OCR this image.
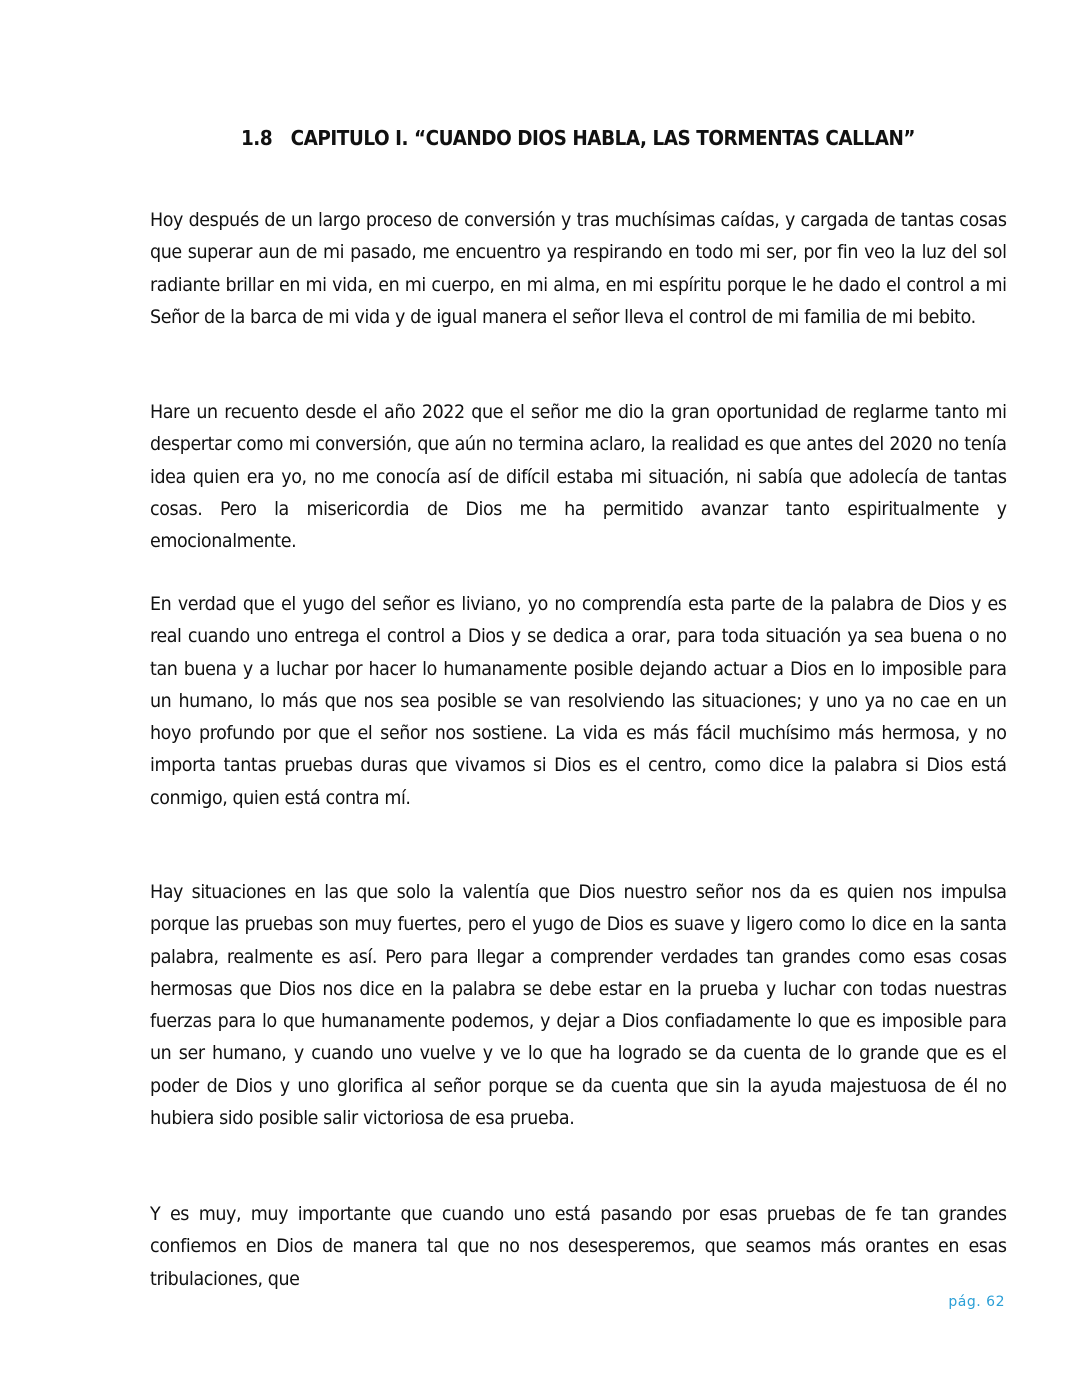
1.8 CAPITULO I. “CUANDO DIOS HABLA, LAS TORMENTAS CALLAN”

Hoy después de un largo proceso de conversión y tras muchísimas caídas, y cargada de tantas cosas que superar aun de mi pasado, me encuentro ya respirando en todo mi ser, por fin veo la luz del sol radiante brillar en mi vida, en mi cuerpo, en mi alma, en mi espíritu porque le he dado el control a mi Señor de la barca de mi vida y de igual manera el señor lleva el control de mi familia de mi bebito.

Hare un recuento desde el año 2022 que el señor me dio la gran oportunidad de reglarme tanto mi despertar como mi conversión, que aún no termina aclaro, la realidad es que antes del 2020 no tenía idea quien era yo, no me conocía así de difícil estaba mi situación, ni sabía que adolecía de tantas cosas. Pero la misericordia de Dios me ha permitido avanzar tanto espiritualmente y emocionalmente.

En verdad que el yugo del señor es liviano, yo no comprendía esta parte de la palabra de Dios y es real cuando uno entrega el control a Dios y se dedica a orar, para toda situación ya sea buena o no tan buena y a luchar por hacer lo humanamente posible dejando actuar a Dios en lo imposible para un humano, lo más que nos sea posible se van resolviendo las situaciones; y uno ya no cae en un hoyo profundo por que el señor nos sostiene. La vida es más fácil muchísimo más hermosa, y no importa tantas pruebas duras que vivamos si Dios es el centro, como dice la palabra si Dios está conmigo, quien está contra mí.

Hay situaciones en las que solo la valentía que Dios nuestro señor nos da es quien nos impulsa porque las pruebas son muy fuertes, pero el yugo de Dios es suave y ligero como lo dice en la santa palabra, realmente es así. Pero para llegar a comprender verdades tan grandes como esas cosas hermosas que Dios nos dice en la palabra se debe estar en la prueba y luchar con todas nuestras fuerzas para lo que humanamente podemos, y dejar a Dios confiadamente lo que es imposible para un ser humano, y cuando uno vuelve y ve lo que ha logrado se da cuenta de lo grande que es el poder de Dios y uno glorifica al señor porque se da cuenta que sin la ayuda majestuosa de él no hubiera sido posible salir victoriosa de esa prueba.

Y es muy, muy importante que cuando uno está pasando por esas pruebas de fe tan grandes confiemos en Dios de manera tal que no nos desesperemos, que seamos más orantes en esas tribulaciones, que

pág. 62
